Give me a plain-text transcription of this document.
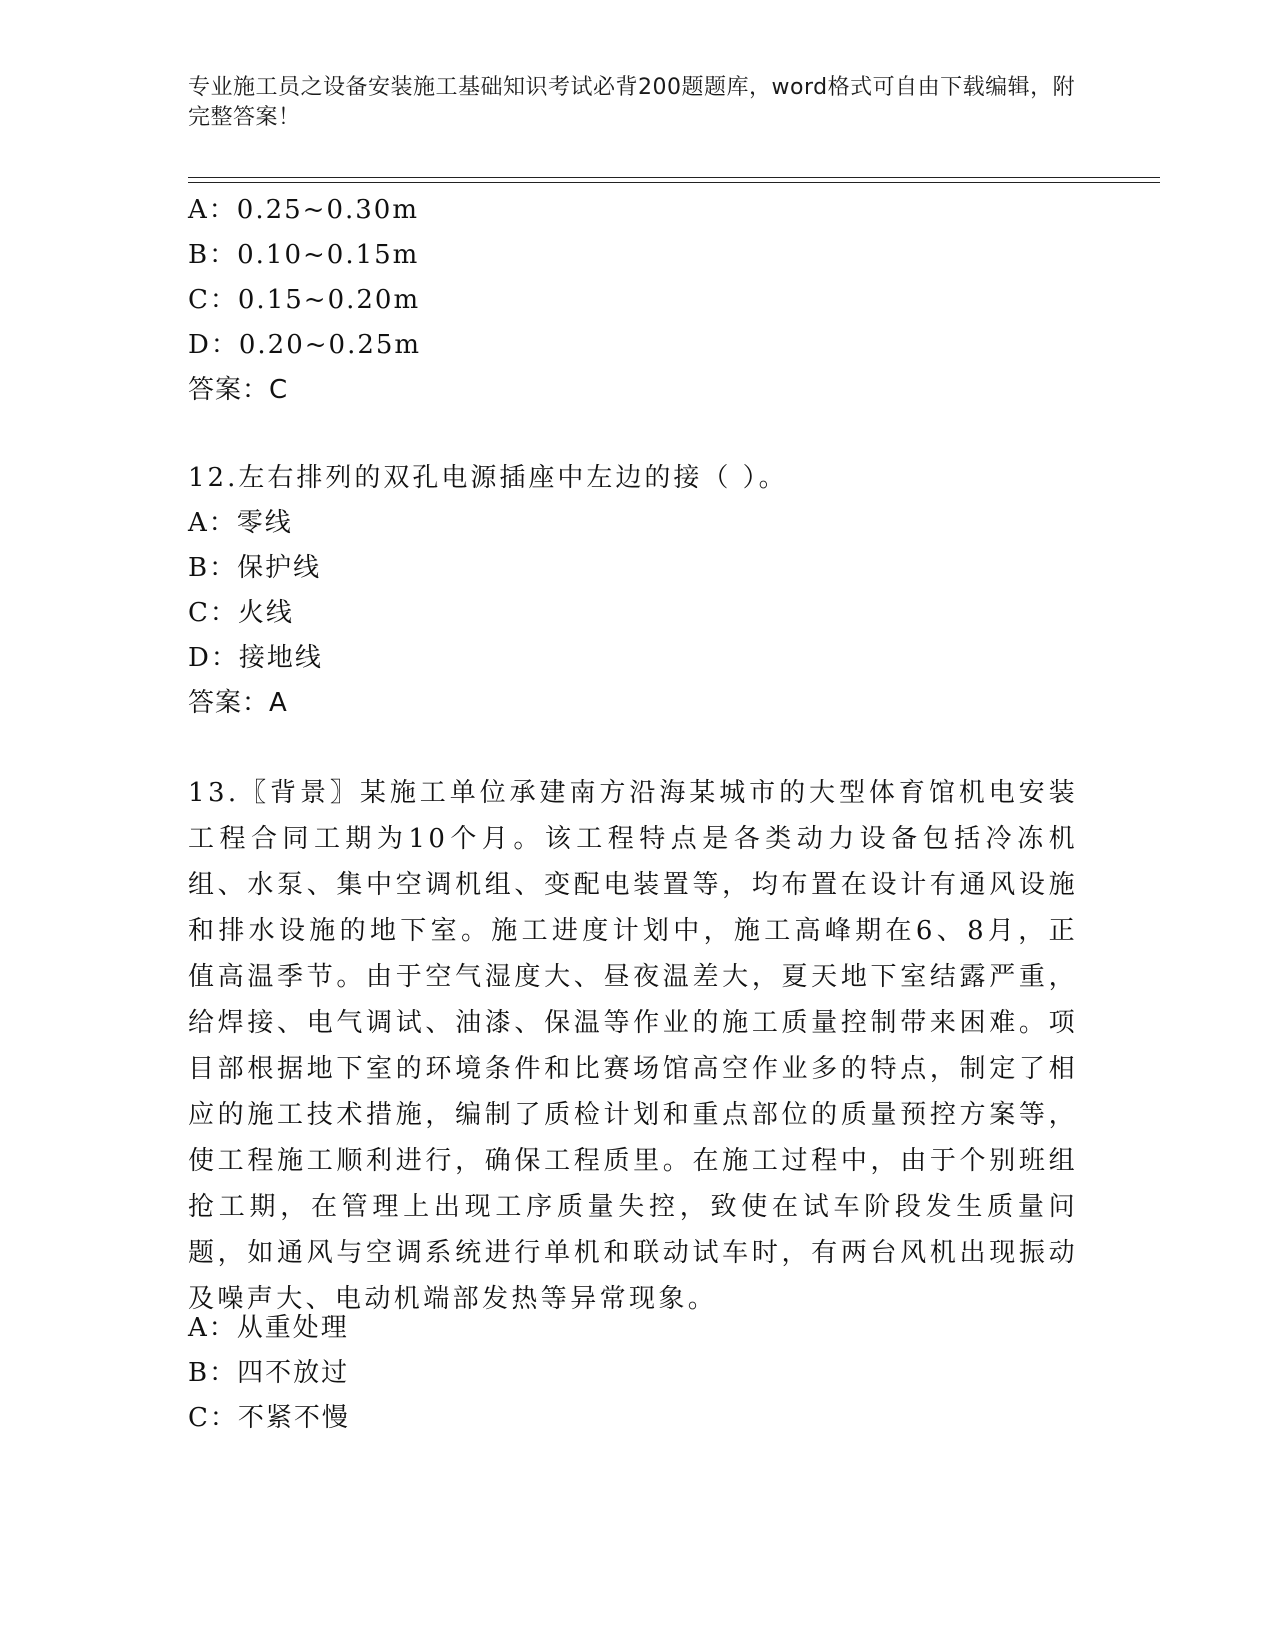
专业施工员之设备安装施工基础知识考试必背200题题库，word格式可自由下载编辑，附完整答案！
A：0.25~0.30m
B：0.10~0.15m
C：0.15~0.20m
D：0.20~0.25m
答案：C
12.左右排列的双孔电源插座中左边的接（ ）。
A：零线
B：保护线
C：火线
D：接地线
答案：A
13.〖背景〗某施工单位承建南方沿海某城市的大型体育馆机电安装工程合同工期为10个月。该工程特点是各类动力设备包括冷冻机组、水泵、集中空调机组、变配电装置等，均布置在设计有通风设施和排水设施的地下室。施工进度计划中，施工高峰期在6、8月，正值高温季节。由于空气湿度大、昼夜温差大，夏天地下室结露严重，给焊接、电气调试、油漆、保温等作业的施工质量控制带来困难。项目部根据地下室的环境条件和比赛场馆高空作业多的特点，制定了相应的施工技术措施，编制了质检计划和重点部位的质量预控方案等，使工程施工顺利进行，确保工程质里。在施工过程中，由于个别班组抢工期，在管理上出现工序质量失控，致使在试车阶段发生质量问题，如通风与空调系统进行单机和联动试车时，有两台风机出现振动及噪声大、电动机端部发热等异常现象。
A：从重处理
B：四不放过
C：不紧不慢
